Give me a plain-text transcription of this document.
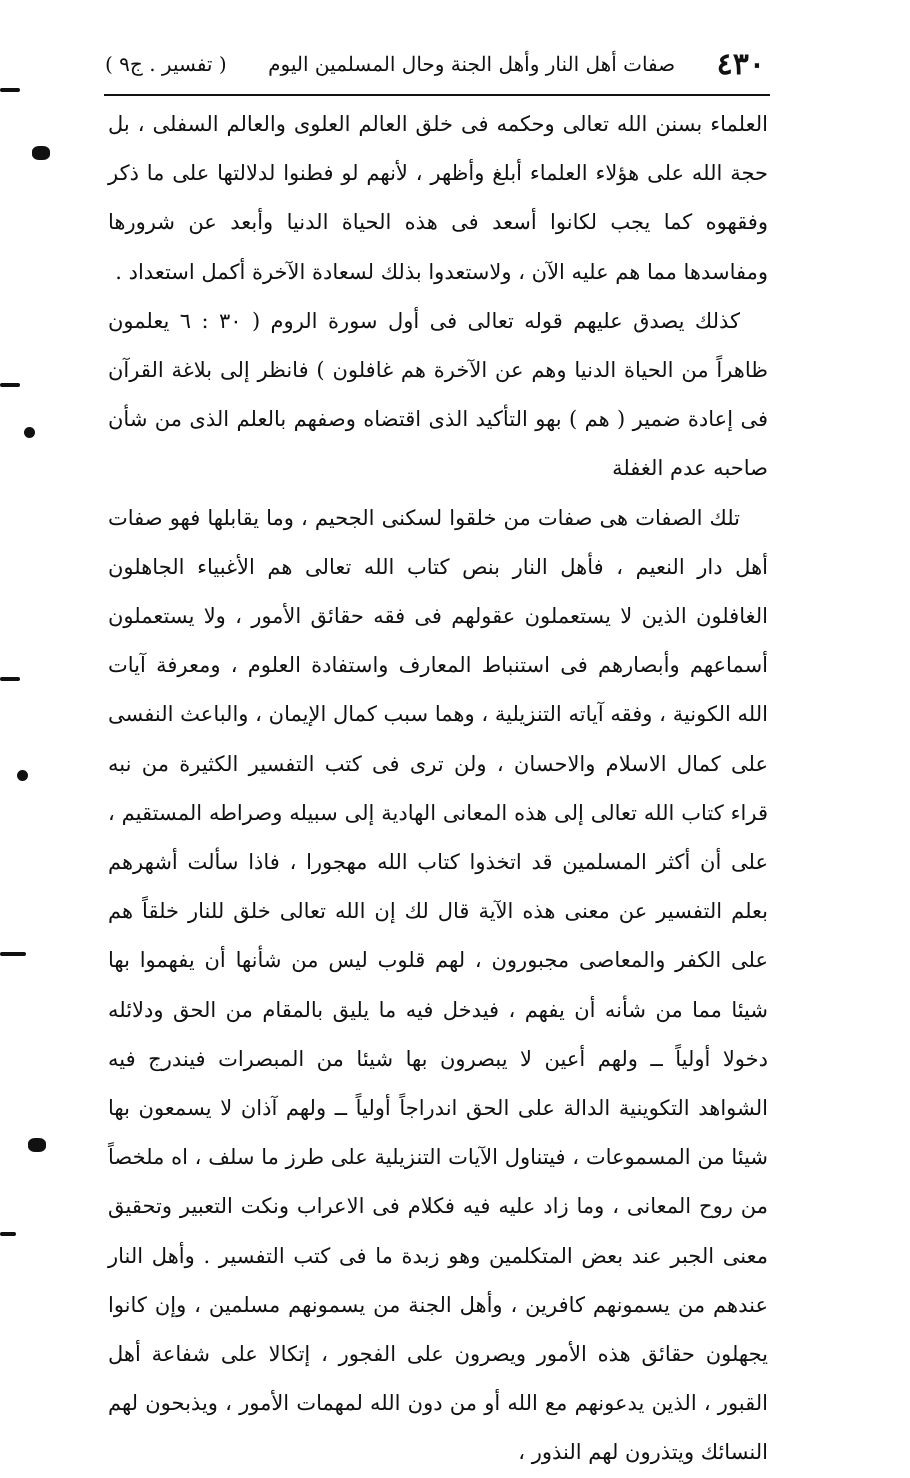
٤٣٠
صفات أهل النار وأهل الجنة وحال المسلمين اليوم
( تفسير . ج٩ )

العلماء بسنن الله تعالى وحكمه فى خلق العالم العلوى والعالم السفلى ، بل حجة الله على هؤلاء العلماء أبلغ وأظهر ، لأنهم لو فطنوا لدلالتها على ما ذكر وفقهوه كما يجب لكانوا أسعد فى هذه الحياة الدنيا وأبعد عن شرورها ومفاسدها مما هم عليه الآن ، ولاستعدوا بذلك لسعادة الآخرة أكمل استعداد .

كذلك يصدق عليهم قوله تعالى فى أول سورة الروم ( ٣٠ : ٦ يعلمون ظاهراً من الحياة الدنيا وهم عن الآخرة هم غافلون ) فانظر إلى بلاغة القرآن فى إعادة ضمير ( هم ) بهو التأكيد الذى اقتضاه وصفهم بالعلم الذى من شأن صاحبه عدم الغفلة

تلك الصفات هى صفات من خلقوا لسكنى الجحيم ، وما يقابلها فهو صفات أهل دار النعيم ، فأهل النار بنص كتاب الله تعالى هم الأغبياء الجاهلون الغافلون الذين لا يستعملون عقولهم فى فقه حقائق الأمور ، ولا يستعملون أسماعهم وأبصارهم فى استنباط المعارف واستفادة العلوم ، ومعرفة آيات الله الكونية ، وفقه آياته التنزيلية ، وهما سبب كمال الإيمان ، والباعث النفسى على كمال الاسلام والاحسان ، ولن ترى فى كتب التفسير الكثيرة من نبه قراء كتاب الله تعالى إلى هذه المعانى الهادية إلى سبيله وصراطه المستقيم ، على أن أكثر المسلمين قد اتخذوا كتاب الله مهجورا ، فاذا سألت أشهرهم بعلم التفسير عن معنى هذه الآية قال لك إن الله تعالى خلق للنار خلقاً هم على الكفر والمعاصى مجبورون ، لهم قلوب ليس من شأنها أن يفهموا بها شيئا مما من شأنه أن يفهم ، فيدخل فيه ما يليق بالمقام من الحق ودلائله دخولا أولياً ــ ولهم أعين لا يبصرون بها شيئا من المبصرات فيندرج فيه الشواهد التكوينية الدالة على الحق اندراجاً أولياً ــ ولهم آذان لا يسمعون بها شيئا من المسموعات ، فيتناول الآيات التنزيلية على طرز ما سلف ، اه ملخصاً من روح المعانى ، وما زاد عليه فيه فكلام فى الاعراب ونكت التعبير وتحقيق معنى الجبر عند بعض المتكلمين وهو زبدة ما فى كتب التفسير . وأهل النار عندهم من يسمونهم كافرين ، وأهل الجنة من يسمونهم مسلمين ، وإن كانوا يجهلون حقائق هذه الأمور ويصرون على الفجور ، إتكالا على شفاعة أهل القبور ، الذين يدعونهم مع الله أو من دون الله لمهمات الأمور ، ويذبحون لهم النسائك ويتذرون لهم النذور ،
